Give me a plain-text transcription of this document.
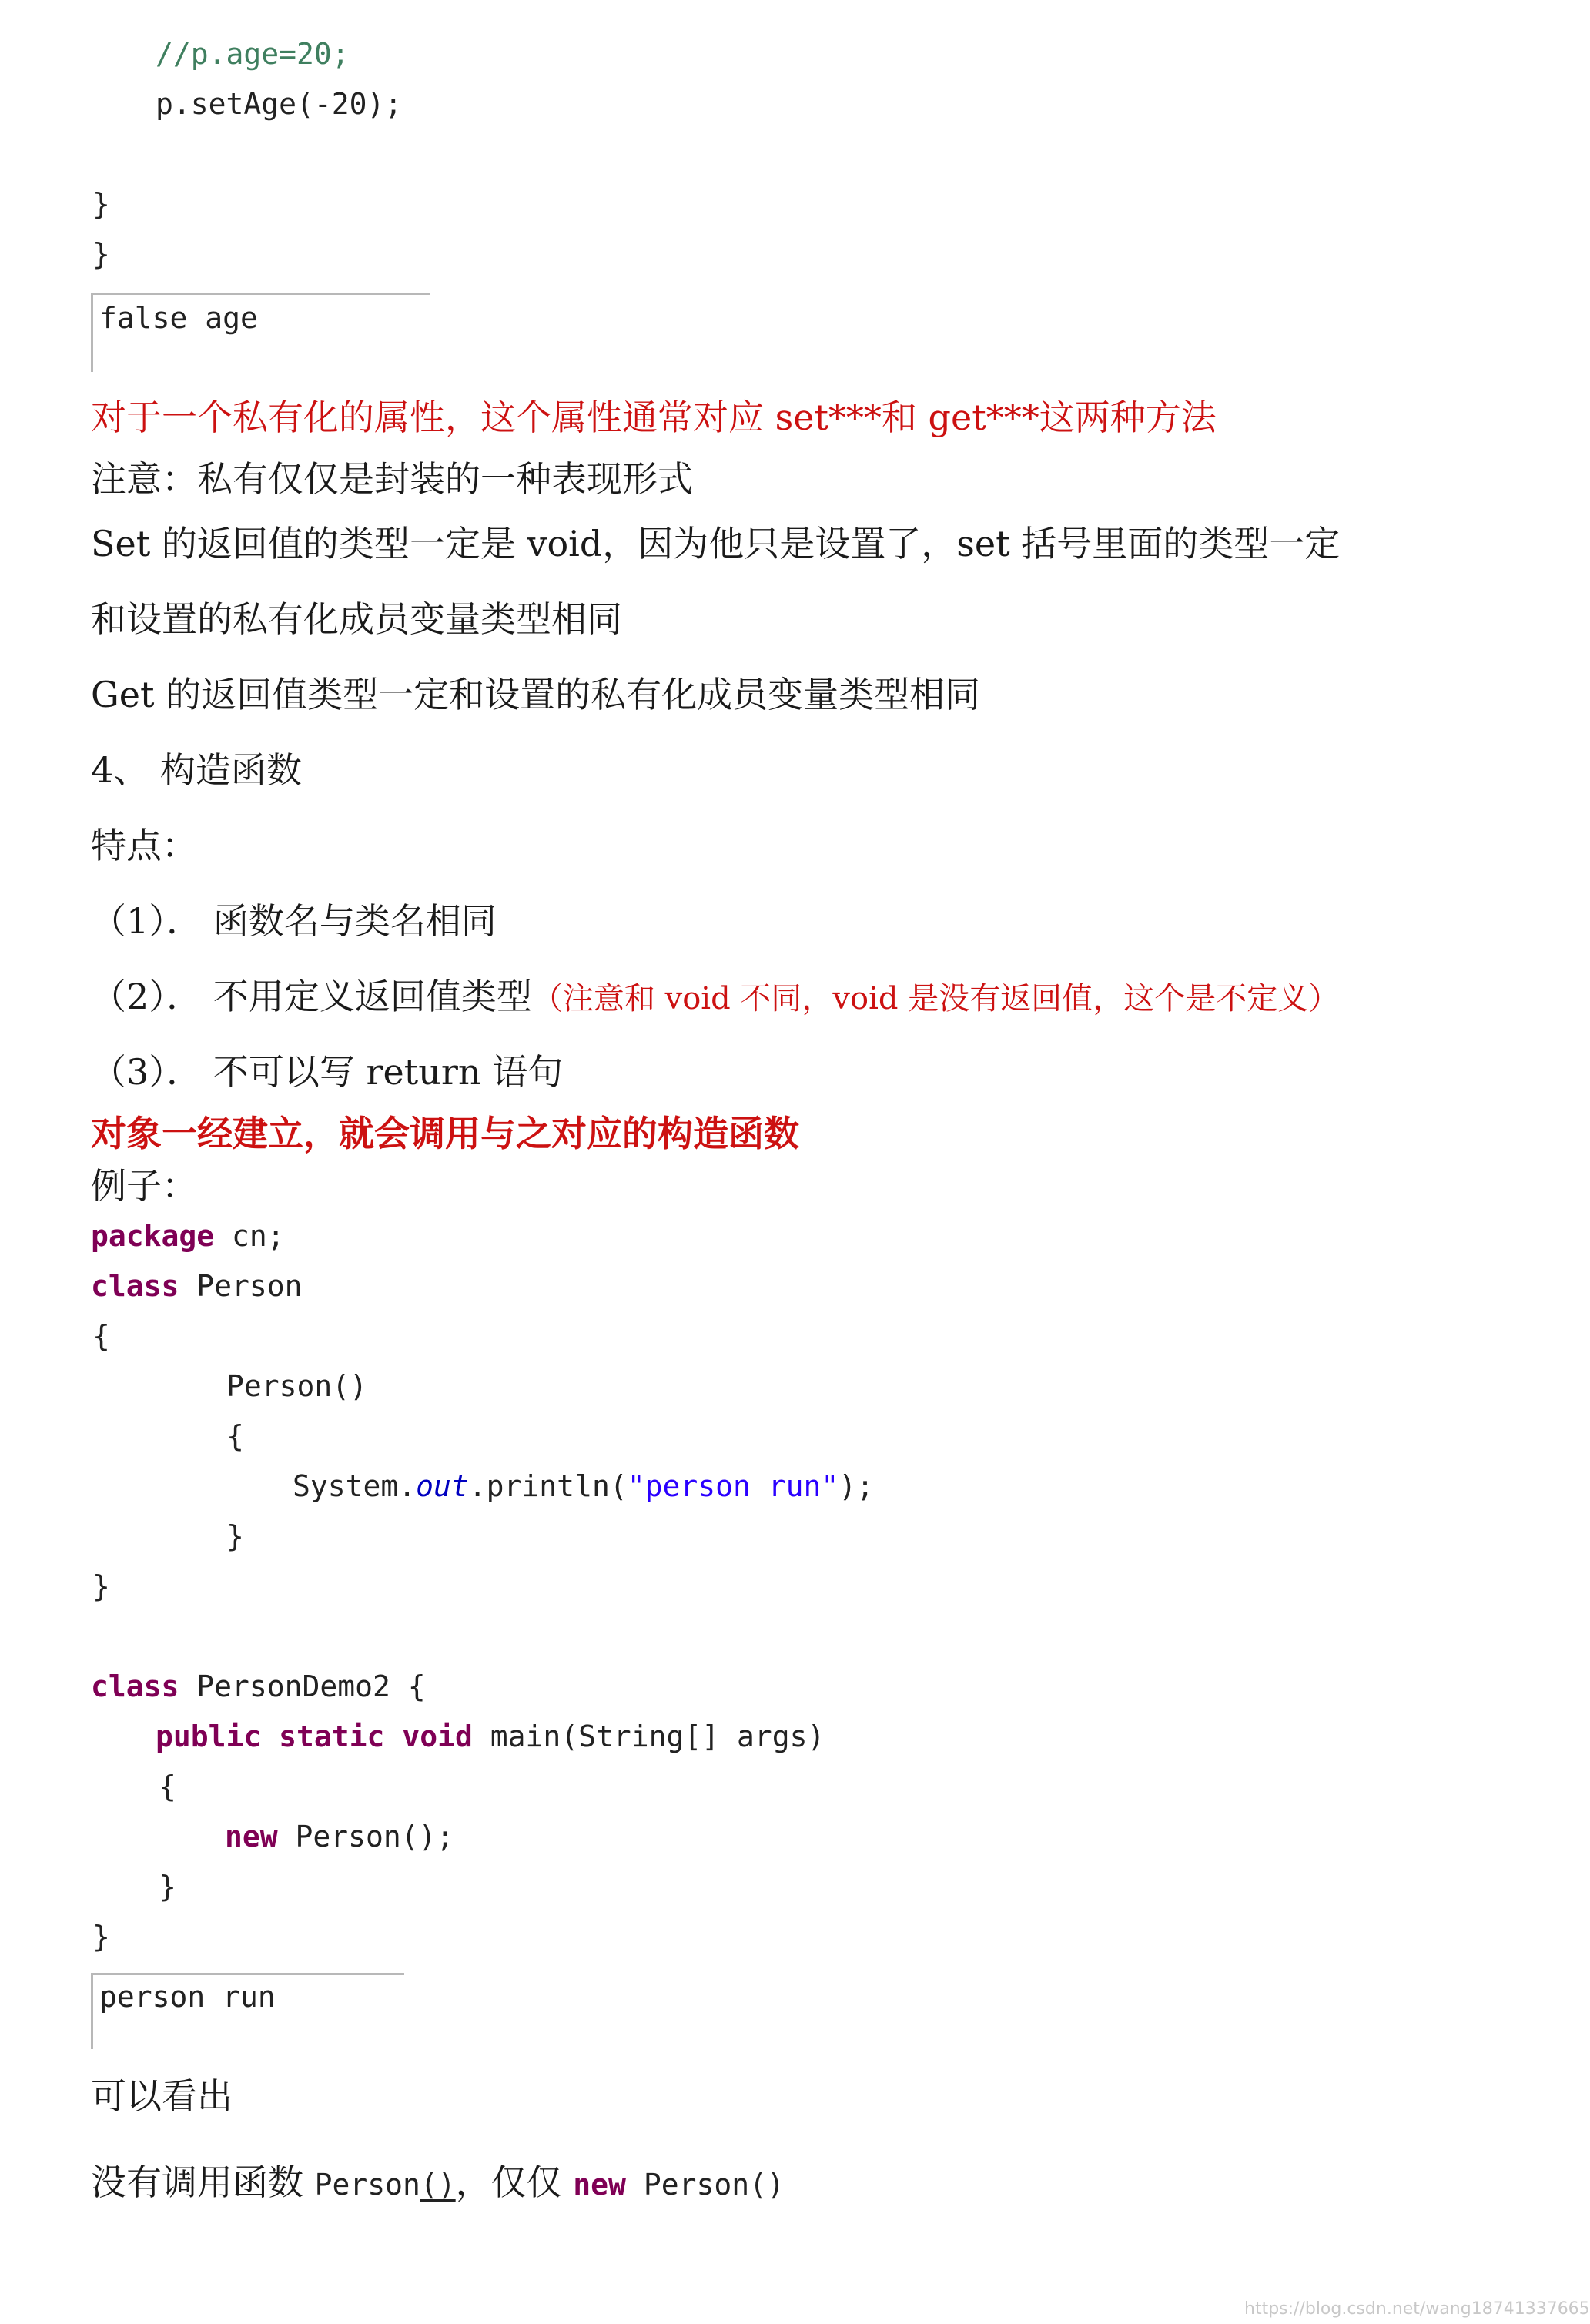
//p.age=20;
p.setAge(-20);
}
}
false age
对于一个私有化的属性，这个属性通常对应 set***和 get***这两种方法
注意：私有仅仅是封装的一种表现形式
Set 的返回值的类型一定是 void，因为他只是设置了，set 括号里面的类型一定
和设置的私有化成员变量类型相同
Get 的返回值类型一定和设置的私有化成员变量类型相同
4、 构造函数
特点：
（1）． 函数名与类名相同
（2）． 不用定义返回值类型（注意和 void 不同，void 是没有返回值，这个是不定义）
（3）． 不可以写 return 语句
对象一经建立，就会调用与之对应的构造函数
例子：
package cn;
class Person
{
Person()
{
System.out.println("person run");
}
}
class PersonDemo2 {
public static void main(String[] args)
{
new Person();
}
}
person run
可以看出
没有调用函数 Person()，仅仅 new Person()
https://blog.csdn.net/wang18741337665
